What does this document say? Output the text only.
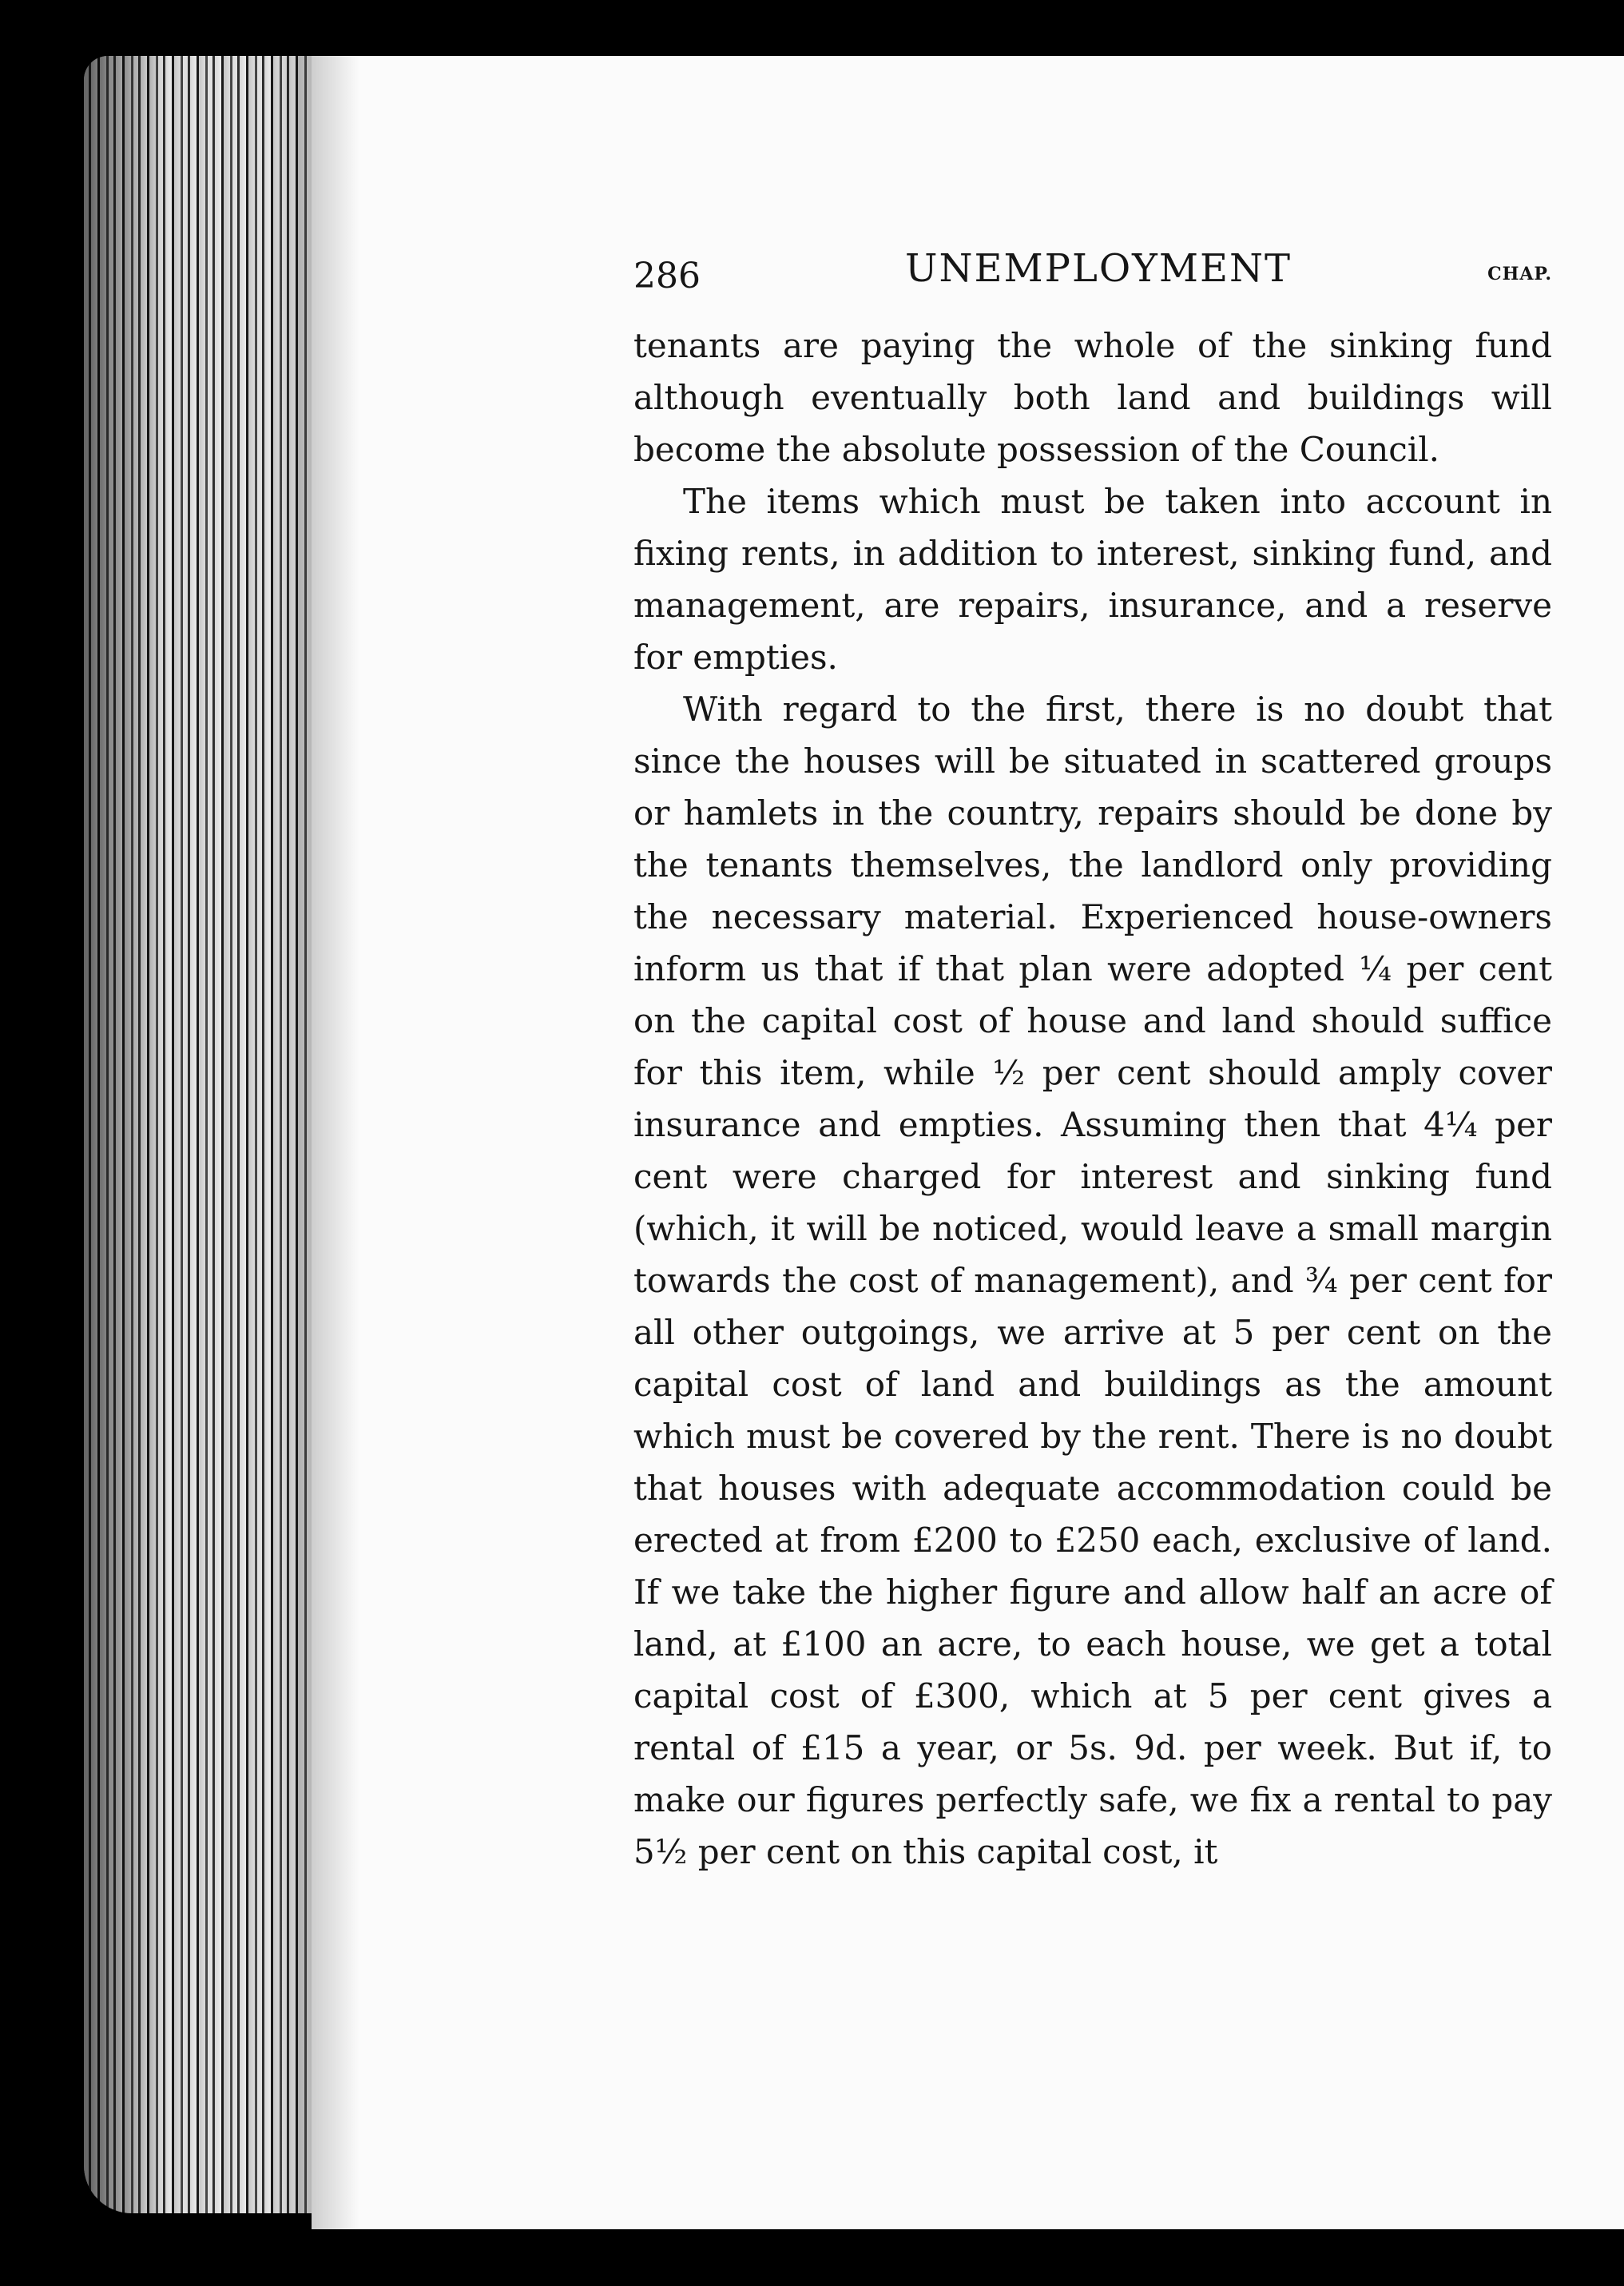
286	UNEMPLOYMENT	CHAP.

tenants are paying the whole of the sinking fund although eventually both land and buildings will become the absolute possession of the Council.

The items which must be taken into account in fixing rents, in addition to interest, sinking fund, and management, are repairs, insurance, and a reserve for empties.

With regard to the first, there is no doubt that since the houses will be situated in scattered groups or hamlets in the country, repairs should be done by the tenants themselves, the landlord only providing the necessary material. Experienced house-owners inform us that if that plan were adopted ¼ per cent on the capital cost of house and land should suffice for this item, while ½ per cent should amply cover insurance and empties. Assuming then that 4¼ per cent were charged for interest and sinking fund (which, it will be noticed, would leave a small margin towards the cost of management), and ¾ per cent for all other outgoings, we arrive at 5 per cent on the capital cost of land and buildings as the amount which must be covered by the rent. There is no doubt that houses with adequate accommodation could be erected at from £200 to £250 each, exclusive of land. If we take the higher figure and allow half an acre of land, at £100 an acre, to each house, we get a total capital cost of £300, which at 5 per cent gives a rental of £15 a year, or 5s. 9d. per week. But if, to make our figures perfectly safe, we fix a rental to pay 5½ per cent on this capital cost, it
